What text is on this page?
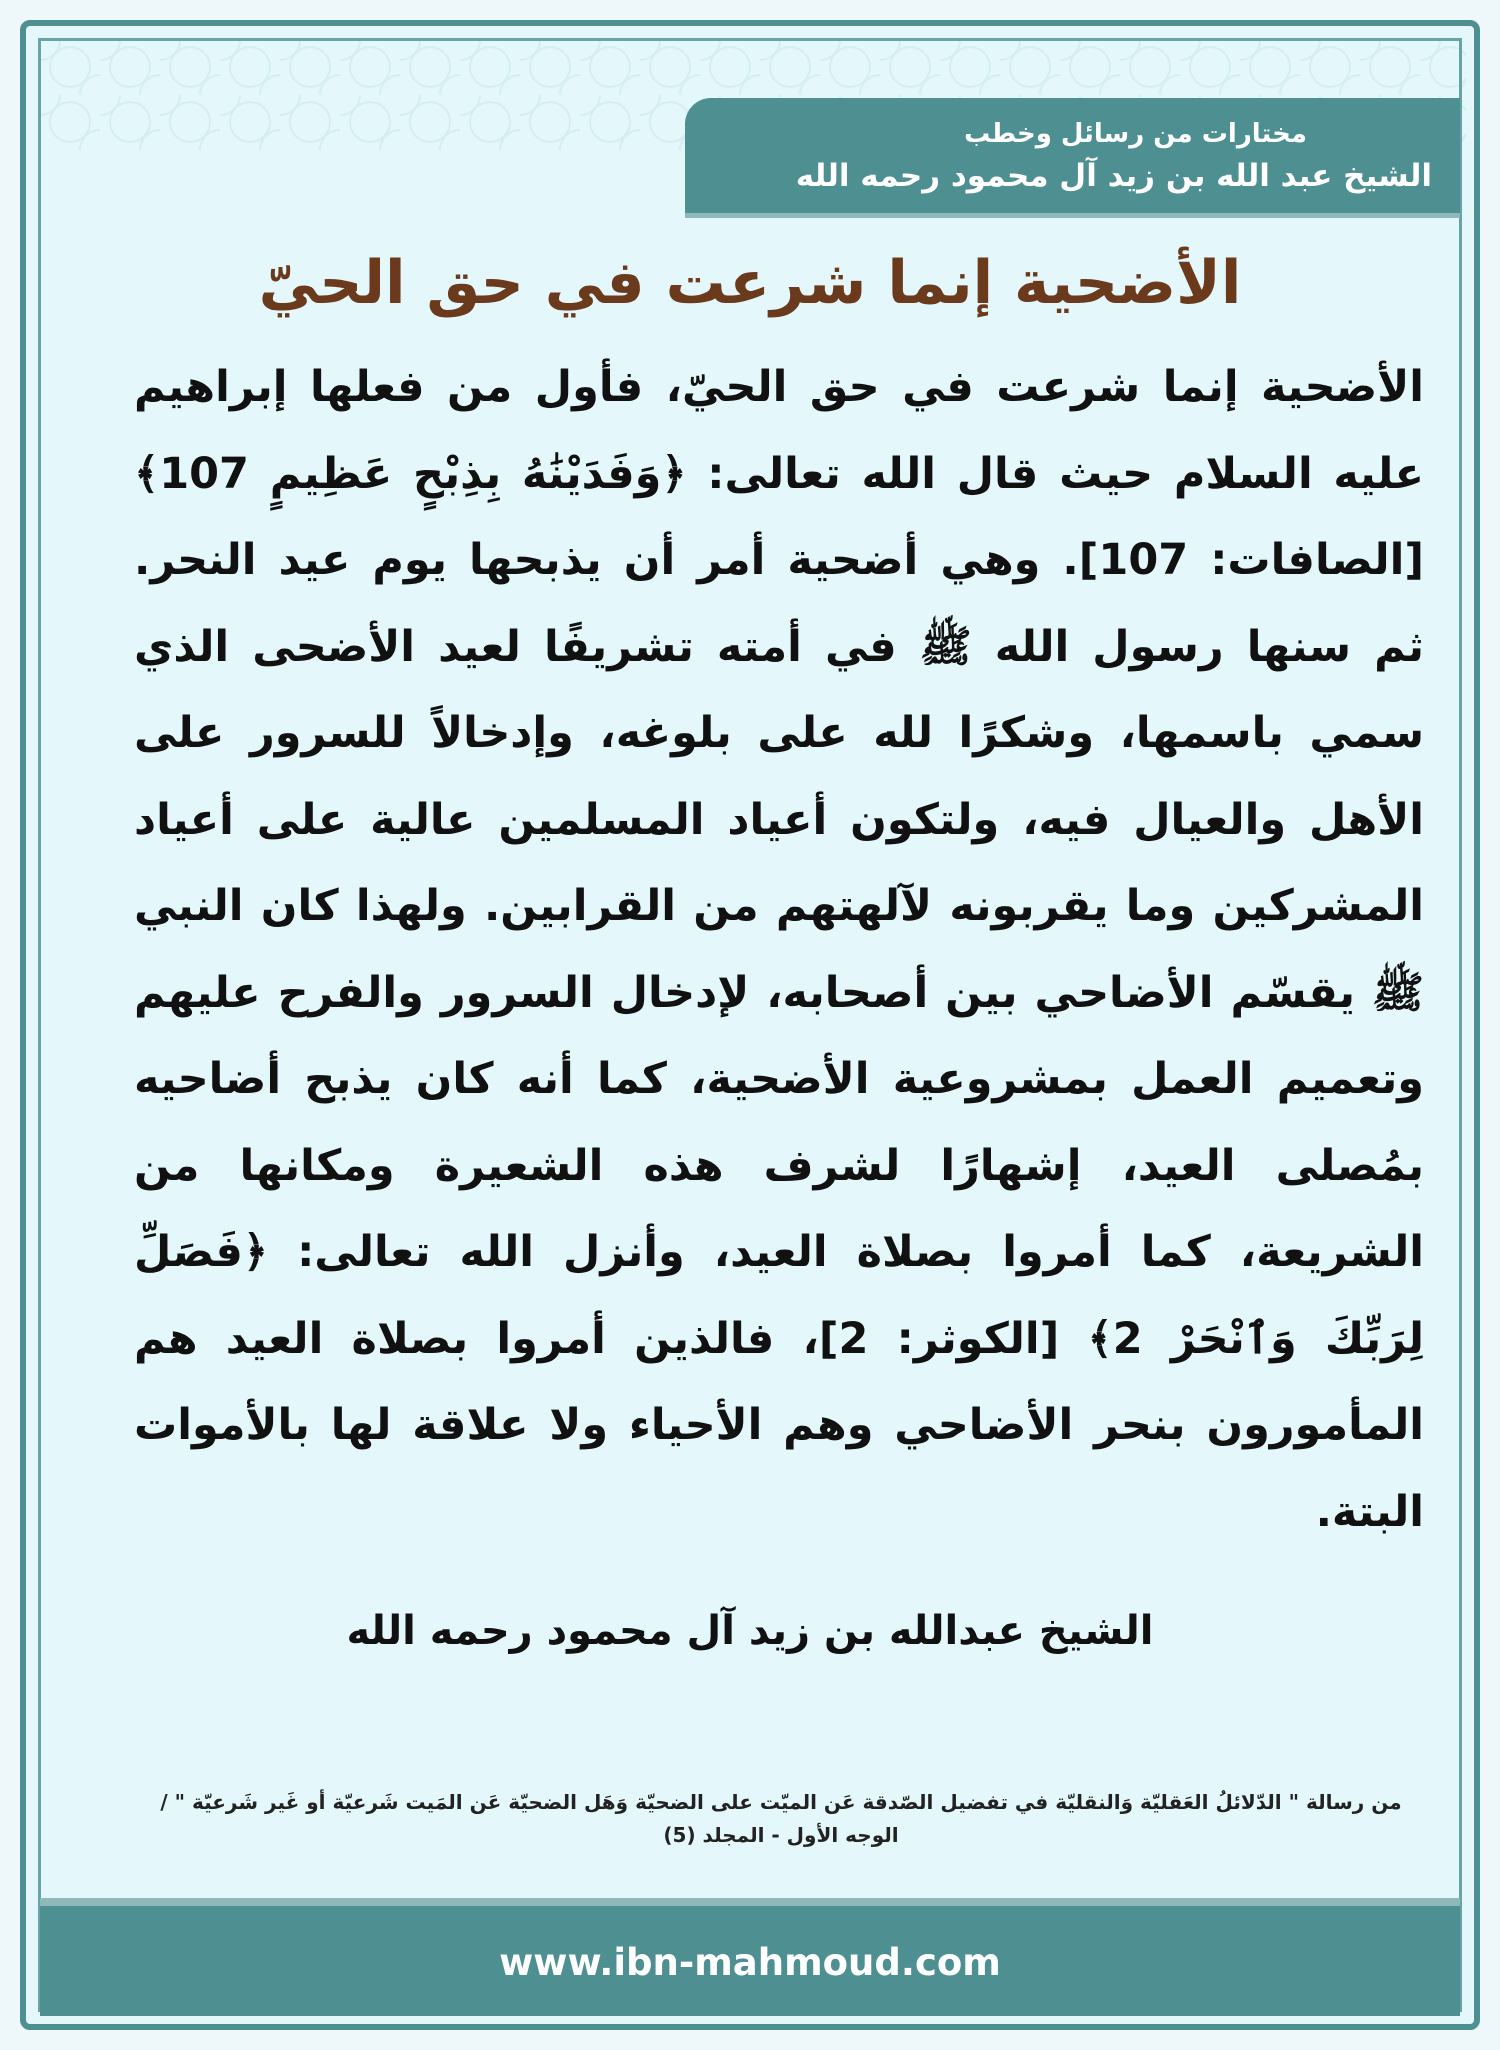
مختارات من رسائل وخطب
الشيخ عبد الله بن زيد آل محمود رحمه الله
الأضحية إنما شرعت في حق الحيّ
الأضحية إنما شرعت في حق الحيّ، فأول من فعلها إبراهيم عليه السلام حيث قال الله تعالى: ﴿وَفَدَيْنَٰهُ بِذِبْحٍ عَظِيمٍ 107﴾ [الصافات: 107]. وهي أضحية أمر أن يذبحها يوم عيد النحر. ثم سنها رسول الله ﷺ في أمته تشريفًا لعيد الأضحى الذي سمي باسمها، وشكرًا لله على بلوغه، وإدخالاً للسرور على الأهل والعيال فيه، ولتكون أعياد المسلمين عالية على أعياد المشركين وما يقربونه لآلهتهم من القرابين. ولهذا كان النبي ﷺ يقسّم الأضاحي بين أصحابه، لإدخال السرور والفرح عليهم وتعميم العمل بمشروعية الأضحية، كما أنه كان يذبح أضاحيه بمُصلى العيد، إشهارًا لشرف هذه الشعيرة ومكانها من الشريعة، كما أمروا بصلاة العيد، وأنزل الله تعالى: ﴿فَصَلِّ لِرَبِّكَ وَٱنْحَرْ 2﴾ [الكوثر: 2]، فالذين أمروا بصلاة العيد هم المأمورون بنحر الأضاحي وهم الأحياء ولا علاقة لها بالأموات البتة.
الشيخ عبدالله بن زيد آل محمود رحمه الله
من رسالة " الدّلائلُ العَقليّة وَالنقليّة في تفضيل الصّدقة عَن الميّت على الضحيّة وَهَل الضحيّة عَن المَيت شَرعيّة أو غَير شَرعيّة " / الوجه الأول - المجلد (5)
www.ibn-mahmoud.com
